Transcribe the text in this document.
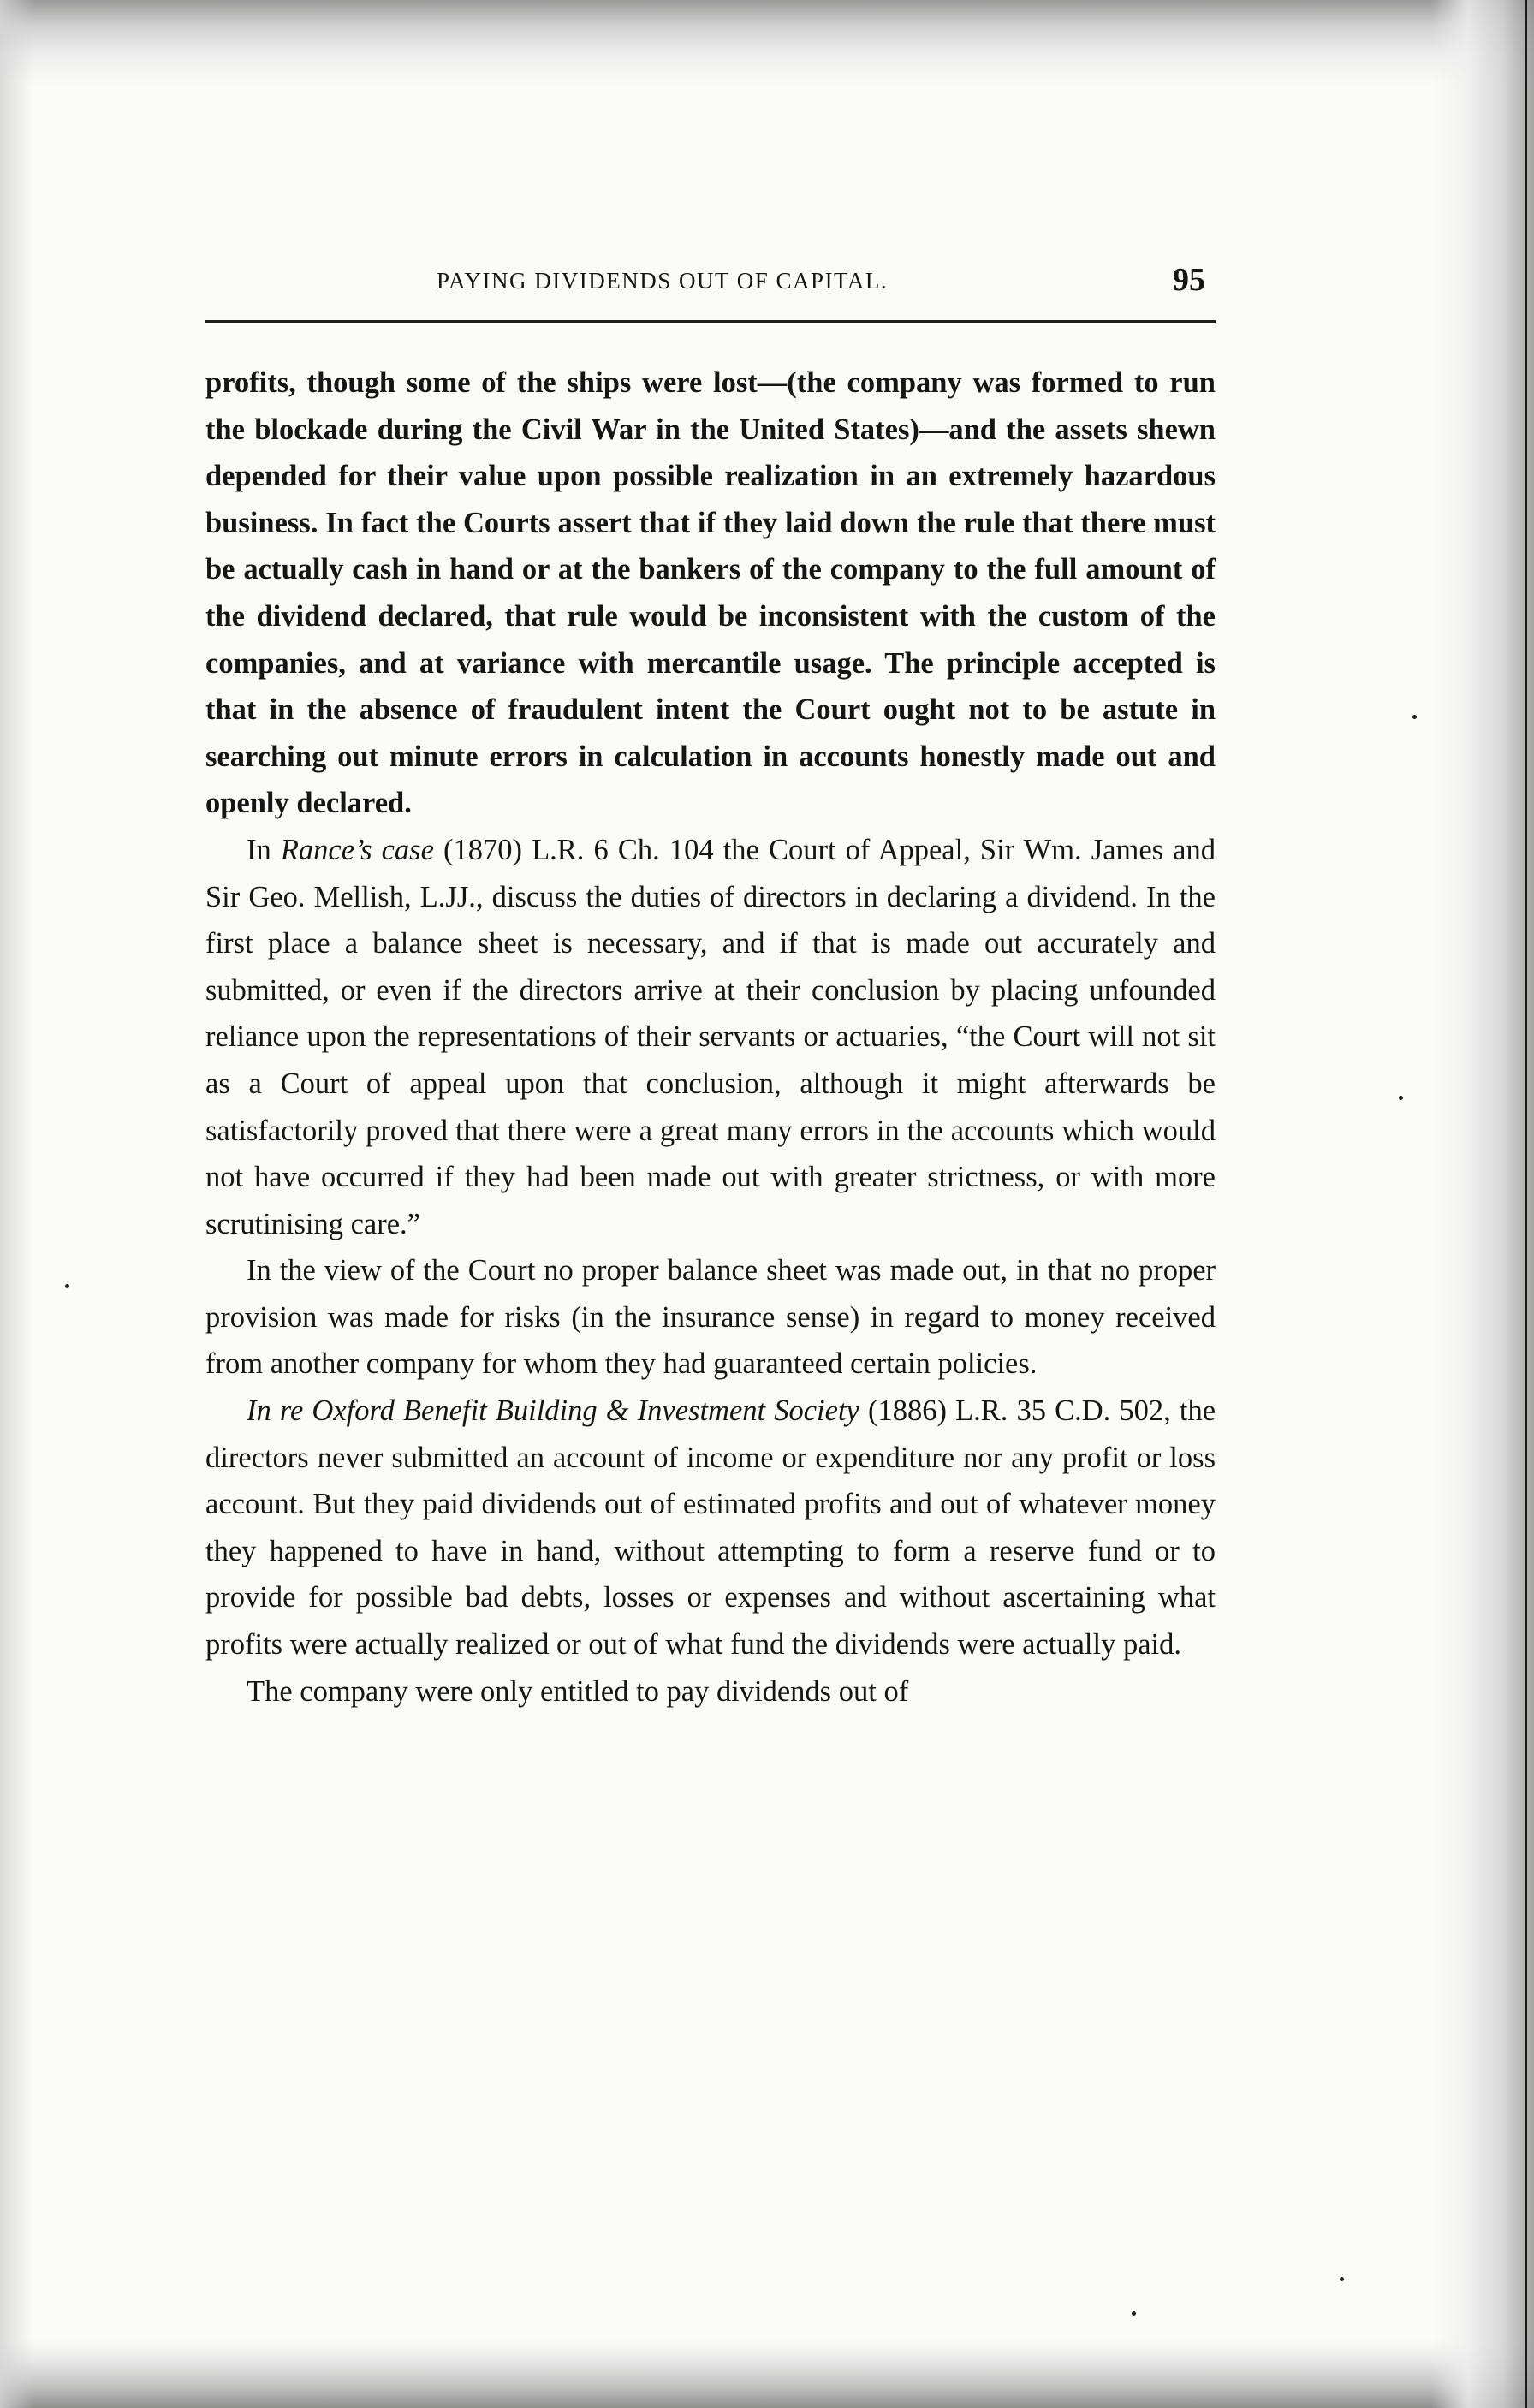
PAYING DIVIDENDS OUT OF CAPITAL.	95

profits, though some of the ships were lost—(the company was formed to run the blockade during the Civil War in the United States)—and the assets shewn depended for their value upon possible realization in an extremely hazardous business. In fact the Courts assert that if they laid down the rule that there must be actually cash in hand or at the bankers of the company to the full amount of the dividend declared, that rule would be inconsistent with the custom of the companies, and at variance with mercantile usage. The principle accepted is that in the absence of fraudulent intent the Court ought not to be astute in searching out minute errors in calculation in accounts honestly made out and openly declared.

In Rance’s case (1870) L.R. 6 Ch. 104 the Court of Appeal, Sir Wm. James and Sir Geo. Mellish, L.JJ., discuss the duties of directors in declaring a dividend. In the first place a balance sheet is necessary, and if that is made out accurately and submitted, or even if the directors arrive at their conclusion by placing unfounded reliance upon the representations of their servants or actuaries, “the Court will not sit as a Court of appeal upon that conclusion, although it might afterwards be satisfactorily proved that there were a great many errors in the accounts which would not have occurred if they had been made out with greater strictness, or with more scrutinising care.”

In the view of the Court no proper balance sheet was made out, in that no proper provision was made for risks (in the insurance sense) in regard to money received from another company for whom they had guaranteed certain policies.

In re Oxford Benefit Building & Investment Society (1886) L.R. 35 C.D. 502, the directors never submitted an account of income or expenditure nor any profit or loss account. But they paid dividends out of estimated profits and out of whatever money they happened to have in hand, without attempting to form a reserve fund or to provide for possible bad debts, losses or expenses and without ascertaining what profits were actually realized or out of what fund the dividends were actually paid.

The company were only entitled to pay dividends out of
